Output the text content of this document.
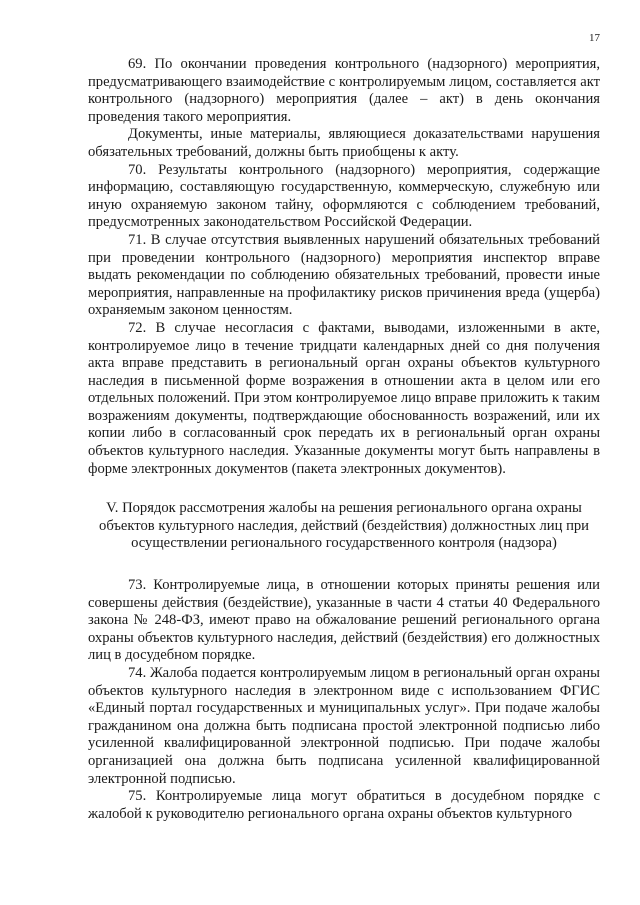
17

69. По окончании проведения контрольного (надзорного) мероприятия, предусматривающего взаимодействие с контролируемым лицом, составляется акт контрольного (надзорного) мероприятия (далее – акт) в день окончания проведения такого мероприятия.

Документы, иные материалы, являющиеся доказательствами нарушения обязательных требований, должны быть приобщены к акту.

70. Результаты контрольного (надзорного) мероприятия, содержащие информацию, составляющую государственную, коммерческую, служебную или иную охраняемую законом тайну, оформляются с соблюдением требований, предусмотренных законодательством Российской Федерации.

71. В случае отсутствия выявленных нарушений обязательных требований при проведении контрольного (надзорного) мероприятия инспектор вправе выдать рекомендации по соблюдению обязательных требований, провести иные мероприятия, направленные на профилактику рисков причинения вреда (ущерба) охраняемым законом ценностям.

72. В случае несогласия с фактами, выводами, изложенными в акте, контролируемое лицо в течение тридцати календарных дней со дня получения акта вправе представить в региональный орган охраны объектов культурного наследия в письменной форме возражения в отношении акта в целом или его отдельных положений. При этом контролируемое лицо вправе приложить к таким возражениям документы, подтверждающие обоснованность возражений, или их копии либо в согласованный срок передать их в региональный орган охраны объектов культурного наследия. Указанные документы могут быть направлены в форме электронных документов (пакета электронных документов).

V. Порядок рассмотрения жалобы на решения регионального органа охраны объектов культурного наследия, действий (бездействия) должностных лиц при осуществлении регионального государственного контроля (надзора)

73. Контролируемые лица, в отношении которых приняты решения или совершены действия (бездействие), указанные в части 4 статьи 40 Федерального закона № 248-ФЗ, имеют право на обжалование решений регионального органа охраны объектов культурного наследия, действий (бездействия) его должностных лиц в досудебном порядке.

74. Жалоба подается контролируемым лицом в региональный орган охраны объектов культурного наследия в электронном виде с использованием ФГИС «Единый портал государственных и муниципальных услуг». При подаче жалобы гражданином она должна быть подписана простой электронной подписью либо усиленной квалифицированной электронной подписью. При подаче жалобы организацией она должна быть подписана усиленной квалифицированной электронной подписью.

75. Контролируемые лица могут обратиться в досудебном порядке с жалобой к руководителю регионального органа охраны объектов культурного
